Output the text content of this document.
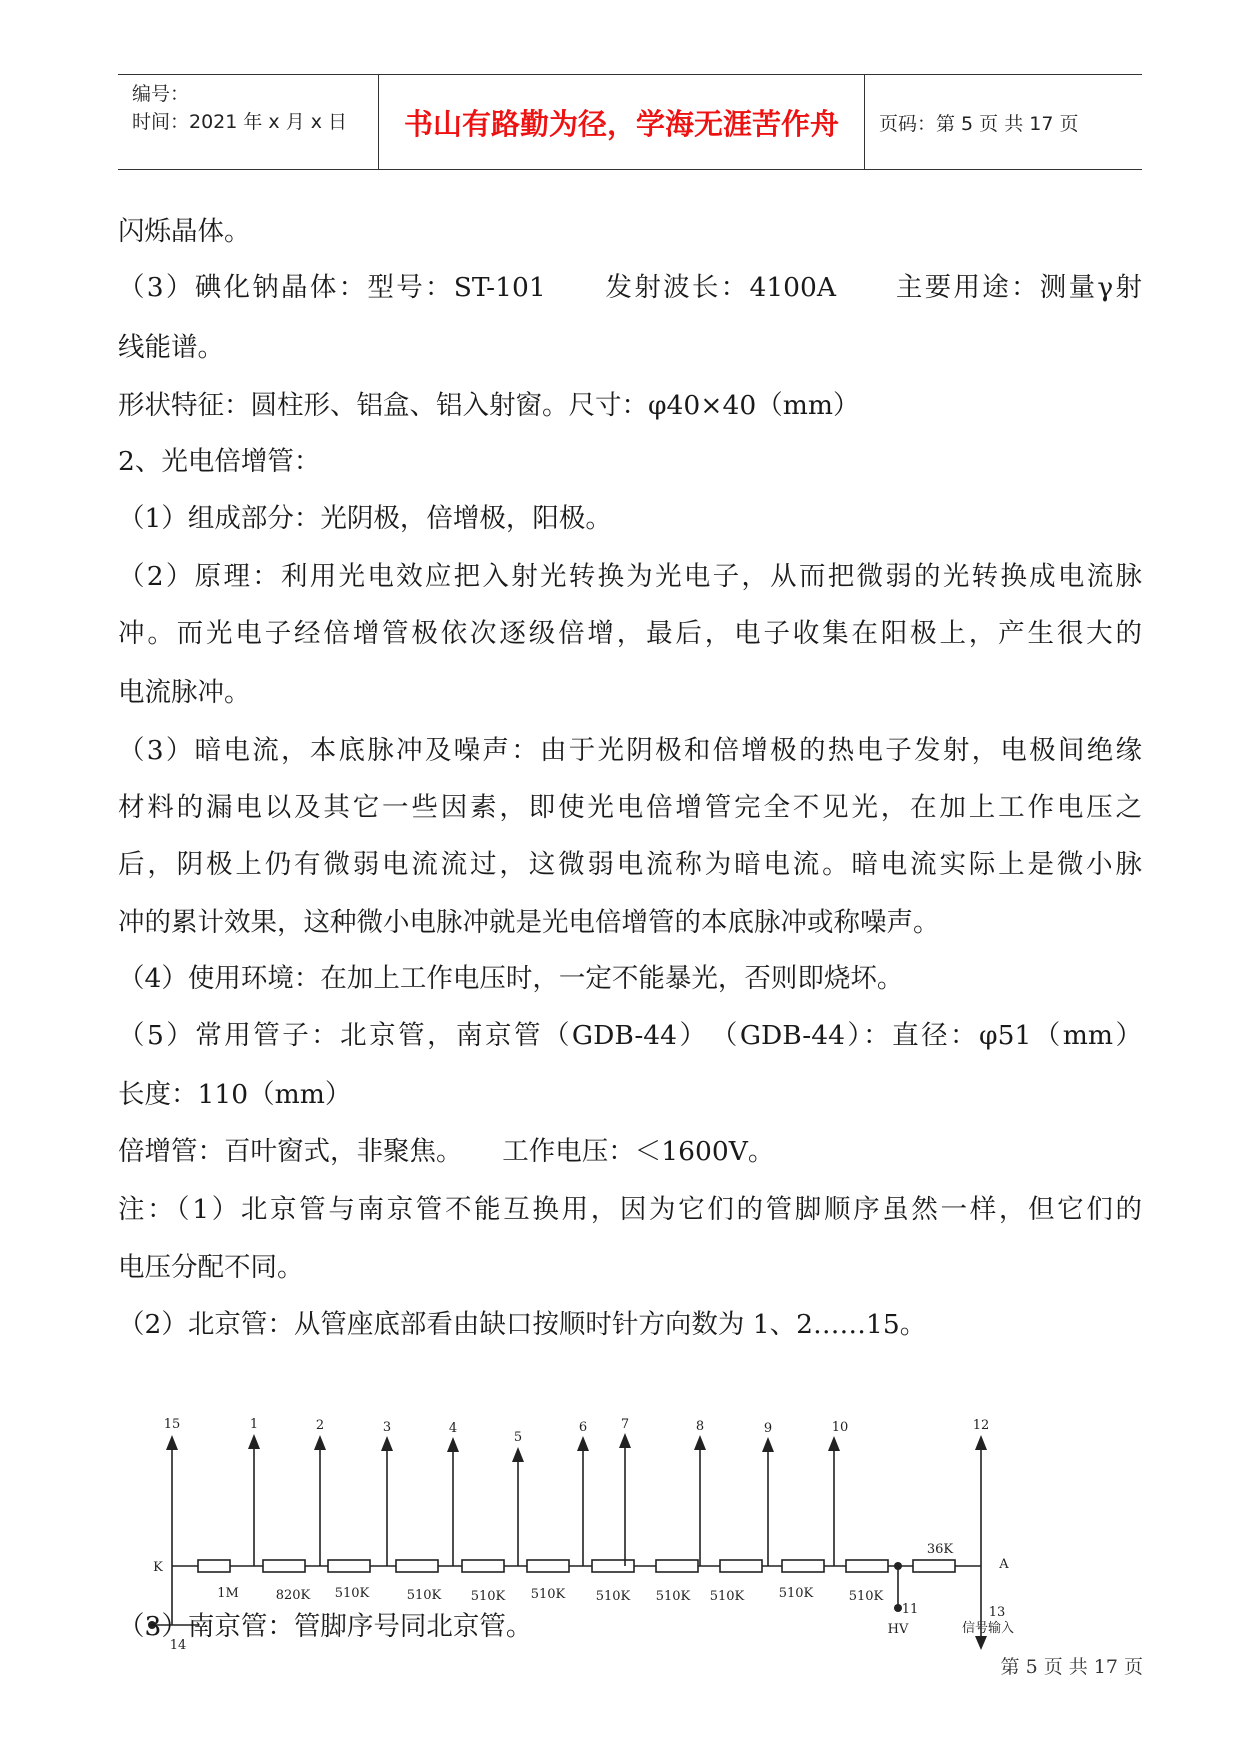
编号：
时间：2021 年 x 月 x 日	书山有路勤为径，学海无涯苦作舟	页码：第 5 页 共 17 页
闪烁晶体。
（3）碘化钠晶体：型号：ST-101　　发射波长：4100A　　主要用途：测量γ射
线能谱。
形状特征：圆柱形、铝盒、铝入射窗。尺寸：φ40×40（mm）
2、光电倍增管：
（1）组成部分：光阴极，倍增极，阳极。
（2）原理：利用光电效应把入射光转换为光电子，从而把微弱的光转换成电流脉
冲。而光电子经倍增管极依次逐级倍增，最后，电子收集在阳极上，产生很大的
电流脉冲。
（3）暗电流，本底脉冲及噪声：由于光阴极和倍增极的热电子发射，电极间绝缘
材料的漏电以及其它一些因素，即使光电倍增管完全不见光，在加上工作电压之
后，阴极上仍有微弱电流流过，这微弱电流称为暗电流。暗电流实际上是微小脉
冲的累计效果，这种微小电脉冲就是光电倍增管的本底脉冲或称噪声。
（4）使用环境：在加上工作电压时，一定不能暴光，否则即烧坏。
（5）常用管子：北京管，南京管（GDB-44）　（GDB-44）：直径：φ51（mm）
长度：110（mm）
倍增管：百叶窗式，非聚焦。　　工作电压：＜1600V。
注：（1）北京管与南京管不能互换用，因为它们的管脚顺序虽然一样，但它们的
电压分配不同。
（2）北京管：从管座底部看由缺口按顺时针方向数为 1、2……15。
15	1	2	3	4
5
6	7	8	9	10	12
1M	820K 510K	510K 510K 510K 510K 510K 510K	510K	510K
36K
K	A
14
11
HV
13
信号输入
（3）南京管：管脚序号同北京管。
第 5 页 共 17 页
